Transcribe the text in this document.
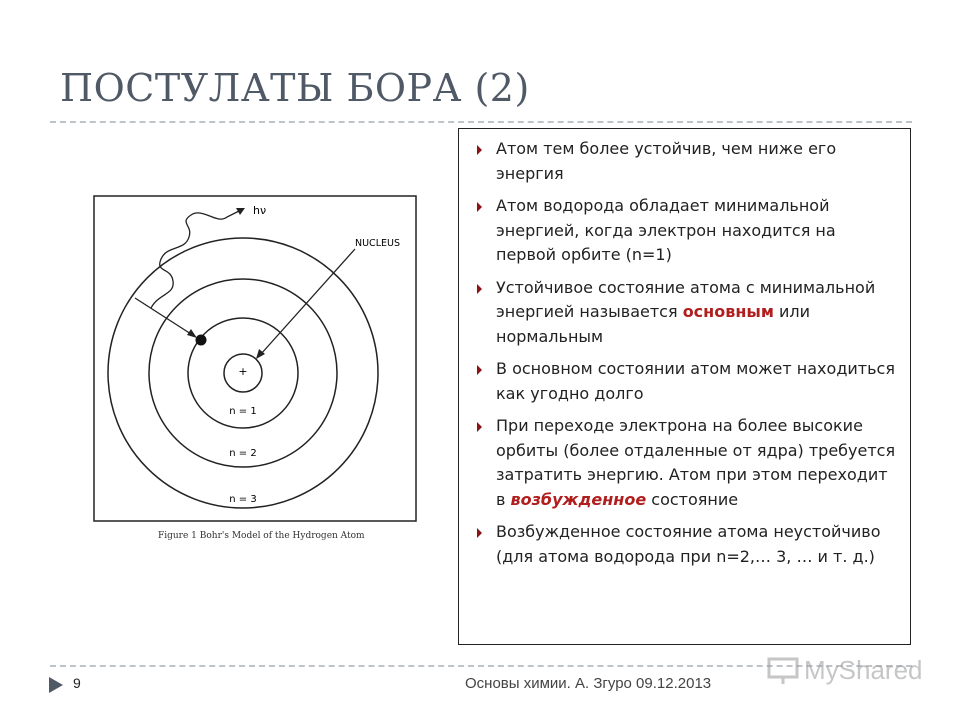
ПОСТУЛАТЫ БОРА (2)
+
hν
NUCLEUS
n = 1
n = 2
n = 3
Figure 1 Bohr's Model of the Hydrogen Atom
Атом тем более устойчив, чем ниже его энергия
Атом водорода обладает минимальной энергией, когда электрон находится на первой орбите (n=1)
Устойчивое состояние атома с минимальной энергией называется основным или нормальным
В основном состоянии атом может находиться как угодно долго
При переходе электрона на более высокие орбиты (более отдаленные от ядра) требуется затратить энергию. Атом при этом переходит в возбужденное состояние
Возбужденное состояние атома неустойчиво (для атома водорода при n=2,… 3, … и т. д.)
9	Основы химии. А. Згуро 09.12.2013	MyShared
